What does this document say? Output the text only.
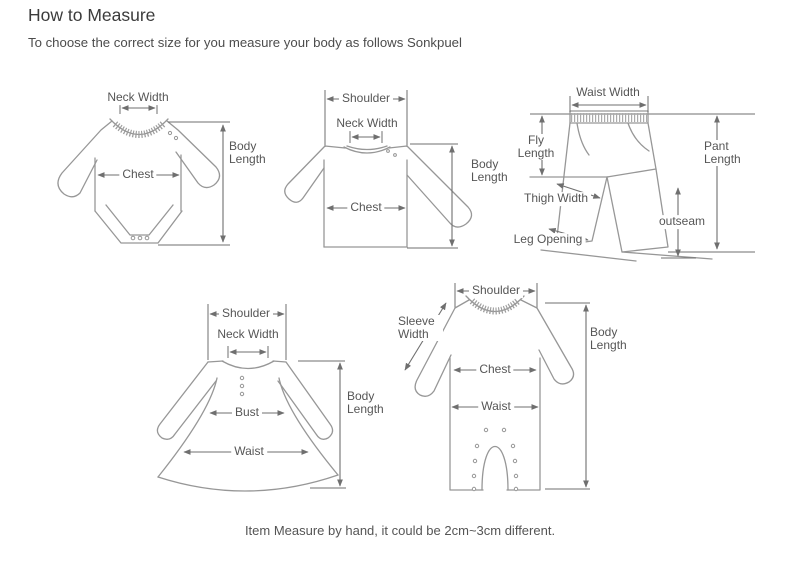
How to Measure
To choose the correct size for you measure your body as follows Sonkpuel
Neck Width
Chest
Body Length
Shoulder
Neck Width
Chest
Body Length
Waist Width
Fly Length	Pant Length
Thigh Width
outseam
Leg Opening
Shoulder
Neck Width
Bust
Waist
Body Length
Shoulder
Sleeve Width
Chest
Waist
Body Length
Item Measure by hand, it could be 2cm~3cm different.
